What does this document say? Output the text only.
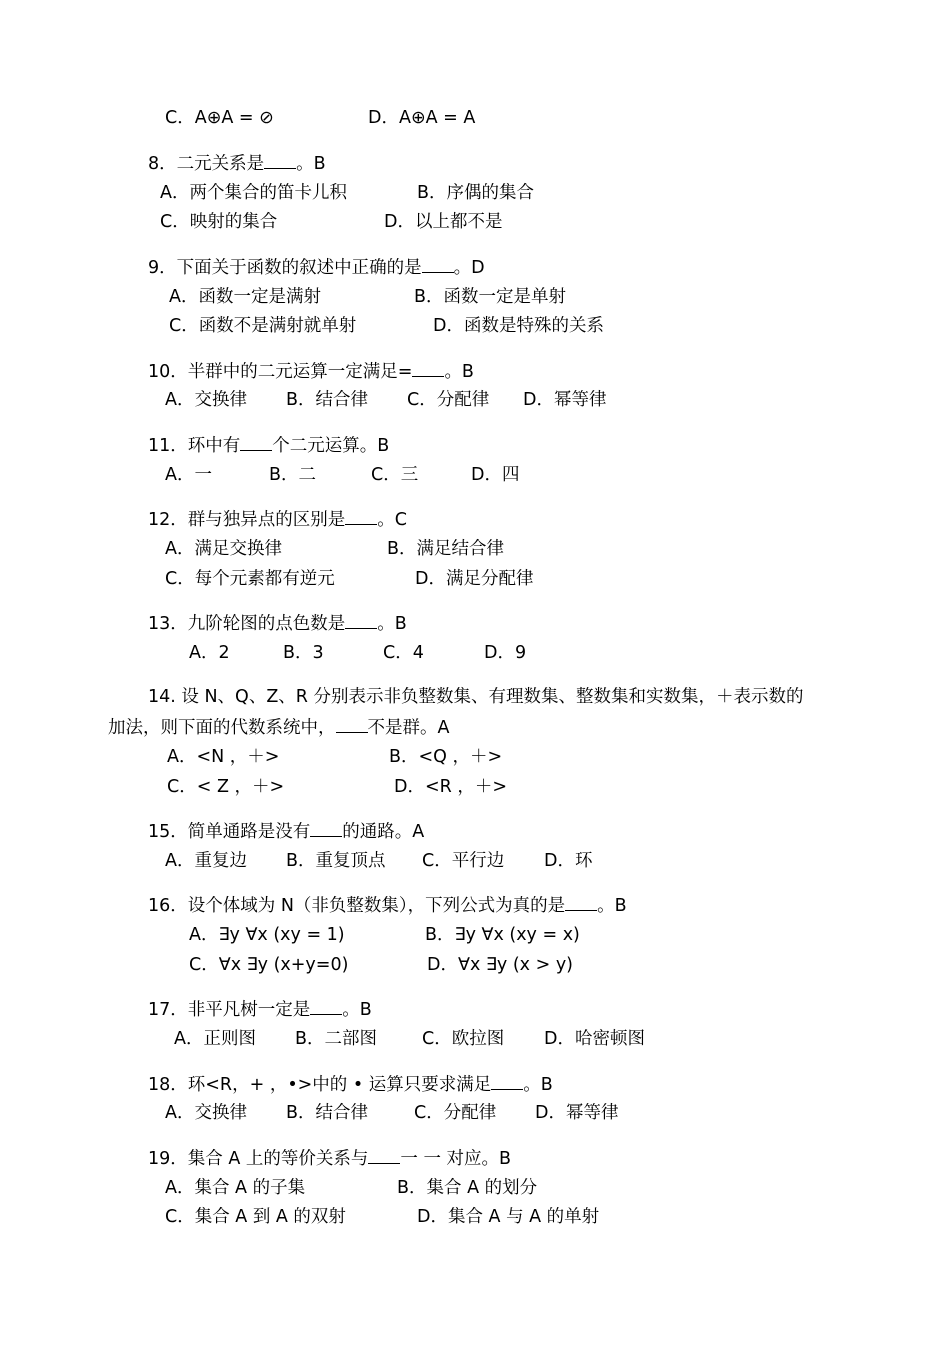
C．A⊕A = ⊘	D．A⊕A = A
8．二元关系是 。B
A．两个集合的笛卡儿积	B．序偶的集合
C．映射的集合	D．以上都不是
9．下面关于函数的叙述中正确的是 。D
A．函数一定是满射	B．函数一定是单射
C．函数不是满射就单射	D．函数是特殊的关系
10．半群中的二元运算一定满足= 。B
A．交换律 B．结合律 C．分配律 D．幂等律
11．环中有 个二元运算。B
A．一	B．二	C．三	D．四
12．群与独异点的区别是 。C
A．满足交换律	B．满足结合律
C．每个元素都有逆元	D．满足分配律
13．九阶轮图的点色数是 。B
A．2	B．3	C．4	D．9
14. 设 N、Q、Z、R 分别表示非负整数集、有理数集、整数集和实数集，＋表示数的
加法，则下面的代数系统中， 不是群。A
A．<N ，＋>	B．<Q ，＋>
C．< Z ，＋>	D．<R ，＋>
15．简单通路是没有 的通路。A
A．重复边 B．重复顶点 C．平行边 D．环
16．设个体域为 N（非负整数集），下列公式为真的是 。B
A．∃y ∀x (xy = 1)	B．∃y ∀x (xy = x)
C．∀x ∃y (x+y=0)	D．∀x ∃y (x > y)
17．非平凡树一定是 。B
A．正则图 B．二部图	C．欧拉图 D．哈密顿图
18．环<R，+ ，•>中的 • 运算只要求满足 。B
A．交换律 B．结合律	C．分配律 D．幂等律
19．集合 A 上的等价关系与 一 一 对应。B
A．集合 A 的子集	B．集合 A 的划分
C．集合 A 到 A 的双射	D．集合 A 与 A 的单射
